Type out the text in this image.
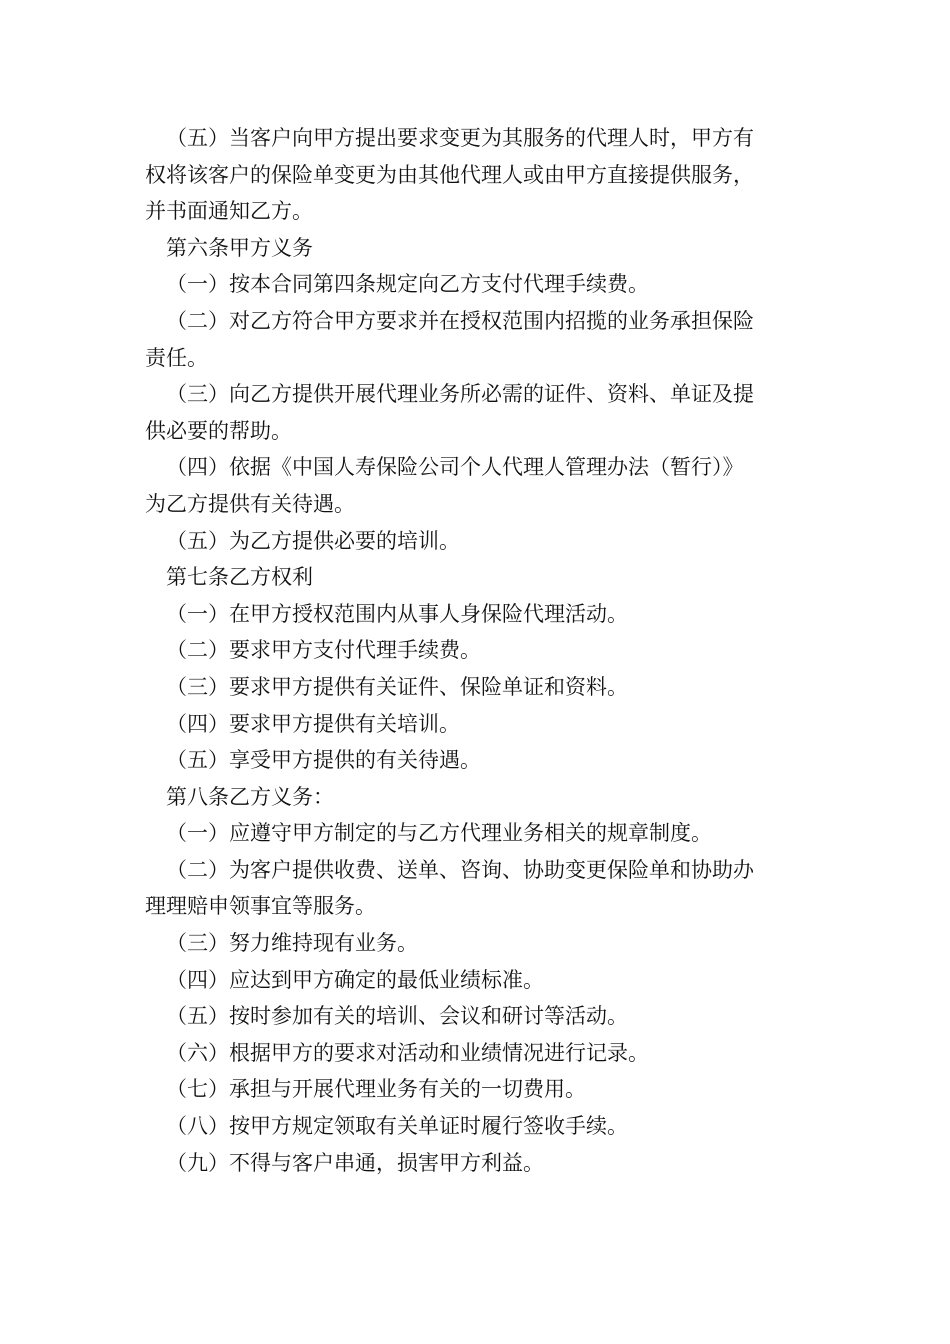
（五）当客户向甲方提出要求变更为其服务的代理人时，甲方有
权将该客户的保险单变更为由其他代理人或由甲方直接提供服务，
并书面通知乙方。
第六条甲方义务
（一）按本合同第四条规定向乙方支付代理手续费。
（二）对乙方符合甲方要求并在授权范围内招揽的业务承担保险
责任。
（三）向乙方提供开展代理业务所必需的证件、资料、单证及提
供必要的帮助。
（四）依据《中国人寿保险公司个人代理人管理办法（暂行）》
为乙方提供有关待遇。
（五）为乙方提供必要的培训。
第七条乙方权利
（一）在甲方授权范围内从事人身保险代理活动。
（二）要求甲方支付代理手续费。
（三）要求甲方提供有关证件、保险单证和资料。
（四）要求甲方提供有关培训。
（五）享受甲方提供的有关待遇。
第八条乙方义务：
（一）应遵守甲方制定的与乙方代理业务相关的规章制度。
（二）为客户提供收费、送单、咨询、协助变更保险单和协助办
理理赔申领事宜等服务。
（三）努力维持现有业务。
（四）应达到甲方确定的最低业绩标准。
（五）按时参加有关的培训、会议和研讨等活动。
（六）根据甲方的要求对活动和业绩情况进行记录。
（七）承担与开展代理业务有关的一切费用。
（八）按甲方规定领取有关单证时履行签收手续。
（九）不得与客户串通，损害甲方利益。
